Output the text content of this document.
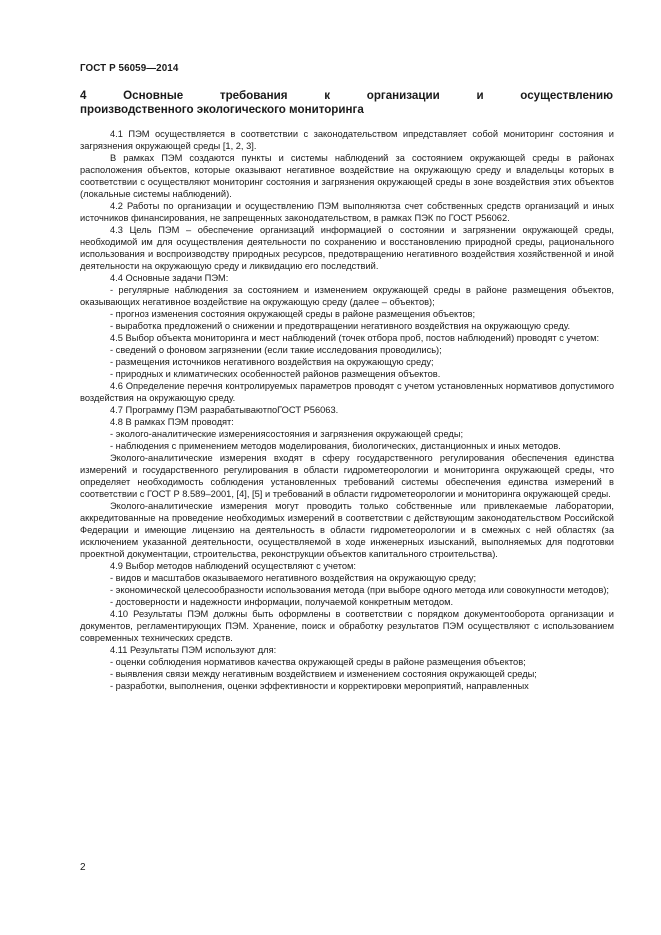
ГОСТ Р 56059—2014
4 Основные требования к организации и осуществлению
производственного экологического мониторинга

4.1 ПЭМ осуществляется в соответствии с законодательством ипредставляет собой мониторинг состояния и загрязнения окружающей среды [1, 2, 3].

В рамках ПЭМ создаются пункты и системы наблюдений за состоянием окружающей среды в районах расположения объектов, которые оказывают негативное воздействие на окружающую среду и владельцы которых в соответствии с осуществляют мониторинг состояния и загрязнения окружающей среды в зоне воздействия этих объектов (локальные системы наблюдений).

4.2 Работы по организации и осуществлению ПЭМ выполняютза счет собственных средств организаций и иных источников финансирования, не запрещенных законодательством, в рамках ПЭК по ГОСТ Р56062.

4.3 Цель ПЭМ – обеспечение организаций информацией о состоянии и загрязнении окружающей среды, необходимой им для осуществления деятельности по сохранению и восстановлению природной среды, рационального использования и воспроизводству природных ресурсов, предотвращению негативного воздействия хозяйственной и иной деятельности на окружающую среду и ликвидацию его последствий.

4.4 Основные задачи ПЭМ:

- регулярные наблюдения за состоянием и изменением окружающей среды в районе размещения объектов, оказывающих негативное воздействие на окружающую среду (далее – объектов);

- прогноз изменения состояния окружающей среды в районе размещения объектов;

- выработка предложений о снижении и предотвращении негативного воздействия на окружающую среду.

4.5 Выбор объекта мониторинга и мест наблюдений (точек отбора проб, постов наблюдений) проводят с учетом:

- сведений о фоновом загрязнении (если такие исследования проводились);

- размещения источников негативного воздействия на окружающую среду;

- природных и климатических особенностей районов размещения объектов.

4.6 Определение перечня контролируемых параметров проводят с учетом установленных нормативов допустимого воздействия на окружающую среду.

4.7 Программу ПЭМ разрабатываютпоГОСТ Р56063.

4.8 В рамках ПЭМ проводят:

- эколого-аналитические измерениясостояния и загрязнения окружающей среды;

- наблюдения с применением методов моделирования, биологических, дистанционных и иных методов.

Эколого-аналитические измерения входят в сферу государственного регулирования обеспечения единства измерений и государственного регулирования в области гидрометеорологии и мониторинга окружающей среды, что определяет необходимость соблюдения установленных требований системы обеспечения единства измерений в соответствии с ГОСТ Р 8.589–2001, [4], [5] и требований в области гидрометеорологии и мониторинга окружающей среды.

Эколого-аналитические измерения могут проводить только собственные или привлекаемые лаборатории, аккредитованные на проведение необходимых измерений в соответствии с действующим законодательством Российской Федерации и имеющие лицензию на деятельность в области гидрометеорологии и в смежных с ней областях (за исключением указанной деятельности, осуществляемой в ходе инженерных изысканий, выполняемых для подготовки проектной документации, строительства, реконструкции объектов капитального строительства).

4.9 Выбор методов наблюдений осуществляют с учетом:

- видов и масштабов оказываемого негативного воздействия на окружающую среду;

- экономической целесообразности использования метода (при выборе одного метода или совокупности методов);

- достоверности и надежности информации, получаемой конкретным методом.

4.10 Результаты ПЭМ должны быть оформлены в соответствии с порядком документооборота организации и документов, регламентирующих ПЭМ. Хранение, поиск и обработку результатов ПЭМ осуществляют с использованием современных технических средств.

4.11 Результаты ПЭМ используют для:

- оценки соблюдения нормативов качества окружающей среды в районе размещения объектов;

- выявления связи между негативным воздействием и изменением состояния окружающей среды;

- разработки, выполнения, оценки эффективности и корректировки мероприятий, направленных

2
